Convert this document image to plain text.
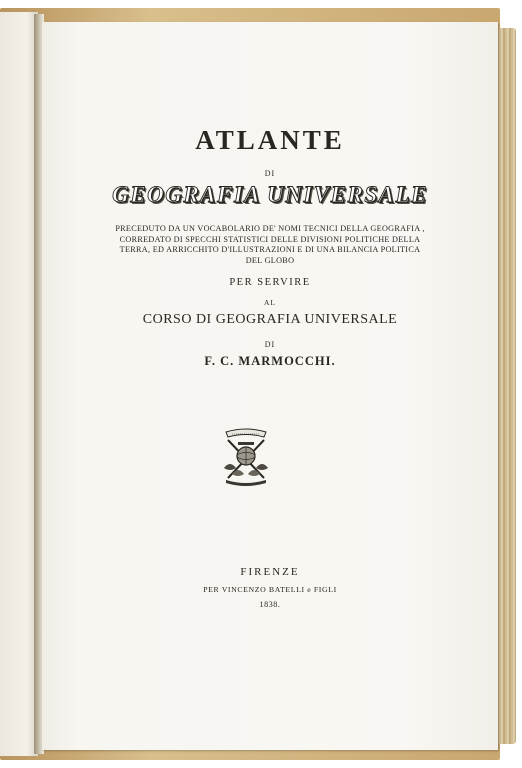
ATLANTE
DI
GEOGRAFIA UNIVERSALE
PRECEDUTO DA UN VOCABOLARIO DE' NOMI TECNICI DELLA GEOGRAFIA ,
CORREDATO DI SPECCHI STATISTICI DELLE DIVISIONI POLITICHE DELLA
TERRA, ED ARRICCHITO D'ILLUSTRAZIONI E DI UNA BILANCIA POLITICA
DEL GLOBO
PER SERVIRE
AL
CORSO DI GEOGRAFIA UNIVERSALE
DI
F. C. MARMOCCHI.
FIRENZE
PER VINCENZO BATELLI e FIGLI
1838.
